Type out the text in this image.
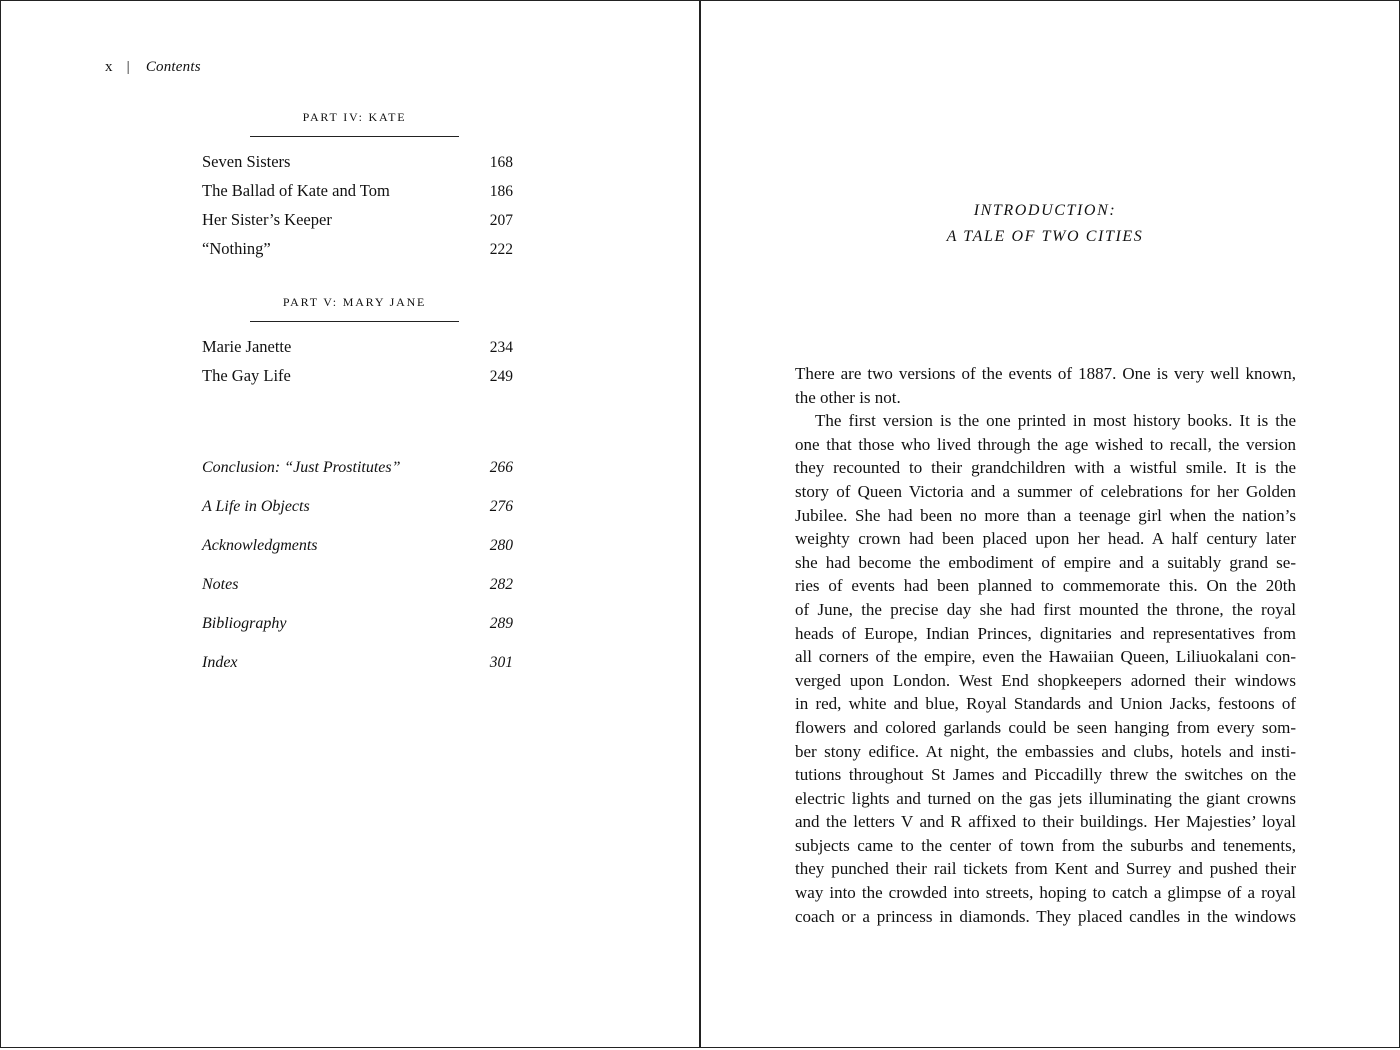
x | Contents
PART IV: KATE
Seven Sisters	168
The Ballad of Kate and Tom	186
Her Sister’s Keeper	207
“Nothing”	222
PART V: MARY JANE
Marie Janette	234
The Gay Life	249
Conclusion: “Just Prostitutes”	266
A Life in Objects	276
Acknowledgments	280
Notes	282
Bibliography	289
Index	301
INTRODUCTION:
A TALE OF TWO CITIES
There are two versions of the events of 1887. One is very well known,
the other is not.
The first version is the one printed in most history books. It is the
one that those who lived through the age wished to recall, the version
they recounted to their grandchildren with a wistful smile. It is the
story of Queen Victoria and a summer of celebrations for her Golden
Jubilee. She had been no more than a teenage girl when the nation’s
weighty crown had been placed upon her head. A half century later
she had become the embodiment of empire and a suitably grand se-
ries of events had been planned to commemorate this. On the 20th
of June, the precise day she had first mounted the throne, the royal
heads of Europe, Indian Princes, dignitaries and representatives from
all corners of the empire, even the Hawaiian Queen, Liliuokalani con-
verged upon London. West End shopkeepers adorned their windows
in red, white and blue, Royal Standards and Union Jacks, festoons of
flowers and colored garlands could be seen hanging from every som-
ber stony edifice. At night, the embassies and clubs, hotels and insti-
tutions throughout St James and Piccadilly threw the switches on the
electric lights and turned on the gas jets illuminating the giant crowns
and the letters V and R affixed to their buildings. Her Majesties’ loyal
subjects came to the center of town from the suburbs and tenements,
they punched their rail tickets from Kent and Surrey and pushed their
way into the crowded into streets, hoping to catch a glimpse of a royal
coach or a princess in diamonds. They placed candles in the windows
